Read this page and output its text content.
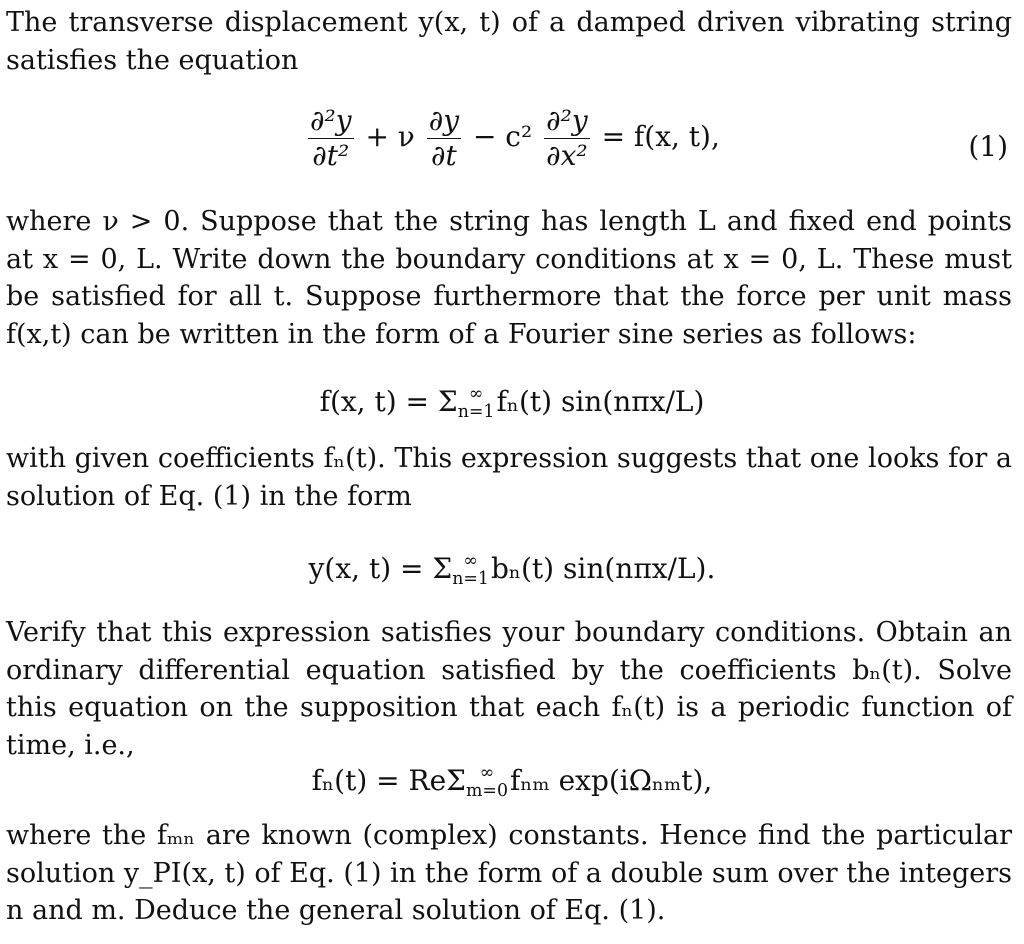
The transverse displacement y(x, t) of a damped driven vibrating string satisfies the equation

$\frac{\text{∂²y}}{\text{∂t²}} + \nu \frac{\partial y}{\partial t} - c^2 \frac{\text{∂²y}}{\text{∂x²}} = f(x$, t),	(1)

where ν > 0. Suppose that the string has length L and fixed end points at x = 0, L. Write down the boundary conditions at x = 0, L. These must be satisfied for all t. Suppose furthermore that the force per unit mass f(x,t) can be written in the form of a Fourier sine series as follows:

f(x, t) = Σ ∞
n=1 fₙ(t) sin(nπx/L)

with given coefficients fₙ(t). This expression suggests that one looks for a solution of Eq. (1) in the form

y(x, t) = Σ ∞
n=1 bₙ(t) sin(nπx/L).

Verify that this expression satisfies your boundary conditions. Obtain an ordinary differential equation satisfied by the coefficients bₙ(t). Solve this equation on the supposition that each fₙ(t) is a periodic function of time, i.e.,

fₙ(t) = ReΣ ∞
m=0 fₙₘ exp(iΩₙₘt),

where the fₘₙ are known (complex) constants. Hence find the particular solution y_PI(x, t) of Eq. (1) in the form of a double sum over the integers n and m. Deduce the general solution of Eq. (1).
